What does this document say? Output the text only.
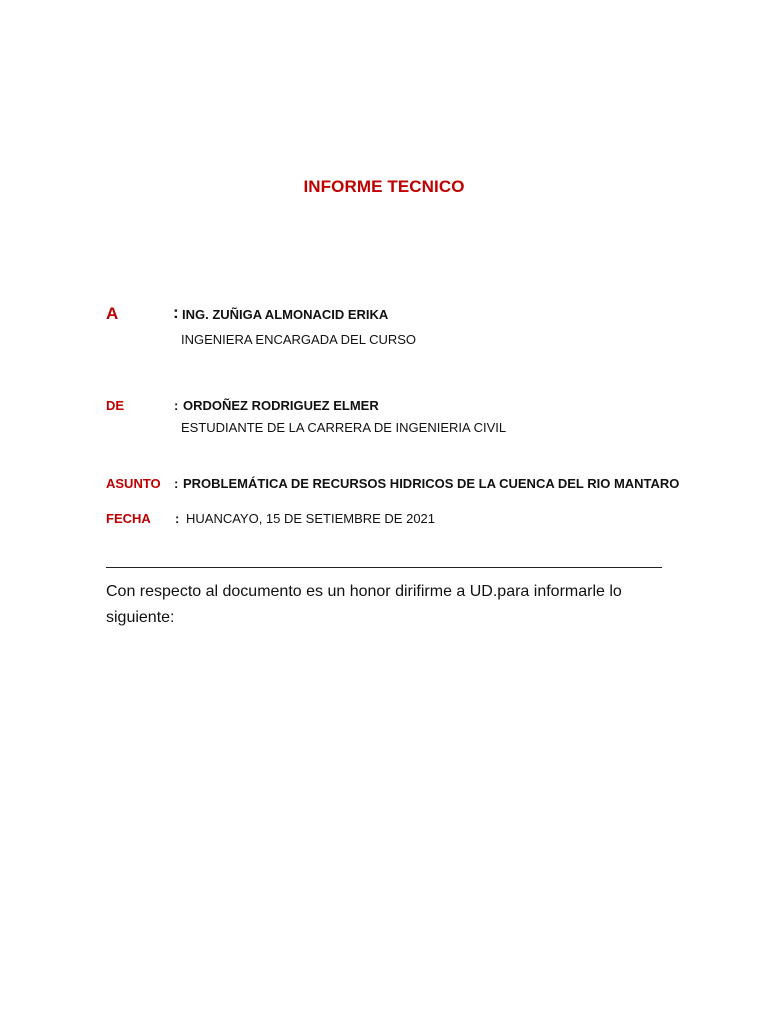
INFORME TECNICO
A	: ING. ZUÑIGA ALMONACID ERIKA
INGENIERA ENCARGADA DEL CURSO
DE	: ORDOÑEZ RODRIGUEZ ELMER
ESTUDIANTE DE LA CARRERA DE INGENIERIA CIVIL
ASUNTO : PROBLEMÁTICA DE RECURSOS HIDRICOS DE LA CUENCA DEL RIO MANTARO
FECHA : HUANCAYO, 15 DE SETIEMBRE DE 2021
Con respecto al documento es un honor dirifirme a UD.para informarle lo siguiente:
